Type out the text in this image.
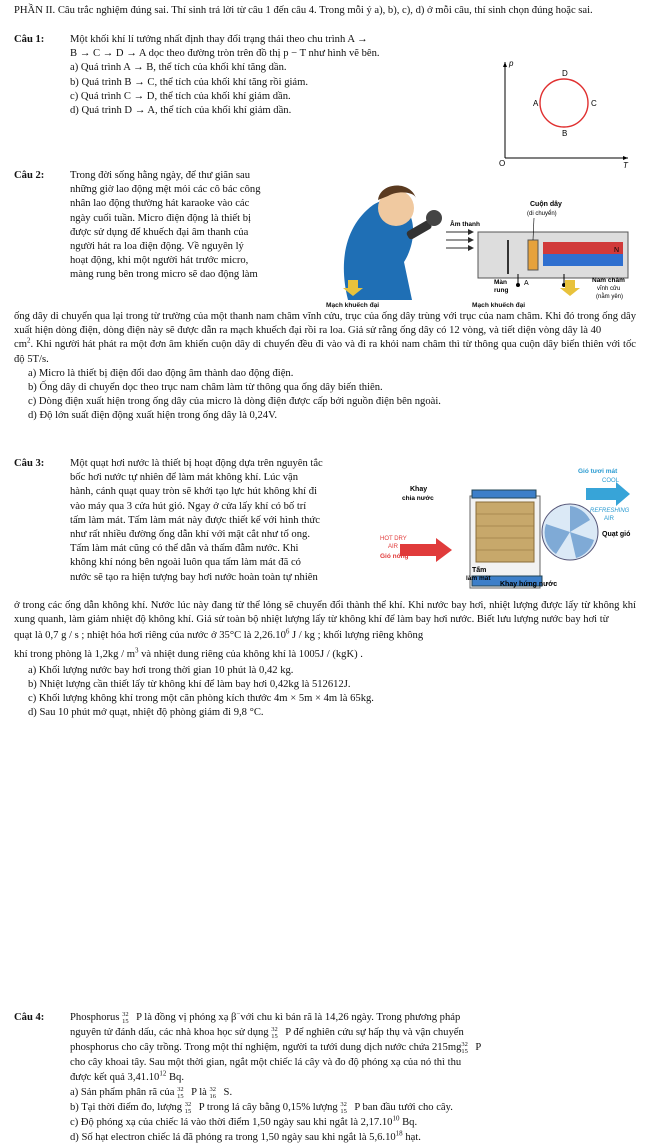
PHẦN II. Câu trắc nghiệm đúng sai. Thí sinh trả lời từ câu 1 đến câu 4. Trong mỗi ý a), b), c), d) ở mỗi câu, thí sinh chọn đúng hoặc sai.

Câu 1:	Một khối khí lí tưởng nhất định thay đổi trạng thái theo chu trình A →

B → C → D → A dọc theo đường tròn trên đồ thị p − T như hình vẽ bên.

a) Quá trình A → B, thể tích của khối khí tăng dần.

b) Quá trình B → C, thể tích của khối khí tăng rồi giảm.

c) Quá trình C → D, thể tích của khối khí giảm dần.

d) Quá trình D → A, thể tích của khối khí giảm dần.

O
p
T
A	C
D
B
Câu 2:	Trong đời sống hằng ngày, để thư giãn sau

những giờ lao động mệt mỏi các cô bác công

nhân lao động thường hát karaoke vào các

ngày cuối tuần. Micro điện động là thiết bị

được sử dụng để khuếch đại âm thanh của

người hát ra loa điện động. Về nguyên lý

hoạt động, khi một người hát trước micro,

màng rung bên trong micro sẽ dao động làm

N
A
Cuộn dây
(di chuyển)
Âm thanh
Nam châm
vĩnh cửu
(nằm yên)
Màn
rung
Mạch khuếch đại	Mạch khuếch đại

ống dây di chuyển qua lại trong từ trường của một thanh nam châm vĩnh cửu, trục của ống dây trùng với trục của nam châm. Khi đó trong ống dây xuất hiện dòng điện, dòng điện này sẽ được dẫn ra mạch khuếch đại rồi ra loa. Giả sử rằng ống dây có 12 vòng, và tiết diện vòng dây là 40

$cm^2$. Khi người hát phát ra một đơn âm khiến cuộn dây di chuyển đều đi vào và đi ra khỏi nam châm thì từ thông qua cuộn dây biến thiên với tốc độ 5T/s.

a) Micro là thiết bị điện đổi dao động âm thành dao động điện.

b) Ống dây di chuyển dọc theo trục nam châm làm từ thông qua ống dây biến thiên.

c) Dòng điện xuất hiện trong ống dây của micro là dòng điện được cấp bởi nguồn điện bên ngoài.

d) Độ lớn suất điện động xuất hiện trong ống dây là 0,24V.

Câu 3:	Một quạt hơi nước là thiết bị hoạt động dựa trên nguyên tắc

bốc hơi nước tự nhiên để làm mát không khí. Lúc vận

hành, cánh quạt quay tròn sẽ khởi tạo lực hút không khí đi

vào máy qua 3 cửa hút gió. Ngay ở cửa lấy khí có bố trí

tấm làm mát. Tấm làm mát này được thiết kế với hình thức

như rất nhiều đường ống dẫn khí với mật cắt như tổ ong.

Tấm làm mát cũng có thể dẫn và thấm đẫm nước. Khi

không khí nóng bên ngoài luôn qua tấm làm mát đã có

nước sẽ tạo ra hiện tượng bay hơi nước hoàn toàn tự nhiên

Khay
chia nước
Gió tươi mát
COOL
REFRESHING
AIR
Quạt gió
HOT DRY
AIR
Gió nóng
Tấm
làm mát
Khay hứng nước

ở trong các ống dẫn không khí. Nước lúc này đang từ thể lỏng sẽ chuyển đổi thành thể khí. Khi nước bay hơi, nhiệt lượng được lấy từ không khí xung quanh, làm giảm nhiệt độ không khí. Giả sử toàn bộ nhiệt lượng lấy từ không khí để làm bay hơi nước. Biết lưu lượng nước bay hơi từ

quạt là 0,7 g / s ; nhiệt hóa hơi riêng của nước ở 35°C là 2,26.10$^6$ J / kg ; khối lượng riêng không

khí trong phòng là $1,2kg / m^3$ và nhiệt dung riêng của không khí là 1005J / (kgK) .

a) Khối lượng nước bay hơi trong thời gian 10 phút là 0,42 kg.

b) Nhiệt lượng cần thiết lấy từ không khí để làm bay hơi 0,42kg là 512612J.

c) Khối lượng không khí trong một căn phòng kích thước 4m × 5m × 4m là 65kg.

d) Sau 10 phút mở quạt, nhiệt độ phòng giảm đi 9,8 °C.

Câu 4:	Phosphorus 32
15 P là đồng vị phóng xạ β−với chu kì bán rã là 14,26 ngày. Trong phương pháp

nguyên tử đánh dấu, các nhà khoa học sử dụng 32
15 P để nghiên cứu sự hấp thụ và vận chuyển

phosphorus cho cây trồng. Trong một thí nghiệm, người ta tưới dung dịch nước chứa 215mg 32
15 P

cho cây khoai tây. Sau một thời gian, ngắt một chiếc lá cây và đo độ phóng xạ của nó thì thu

được kết quả 3,41.10$^{12}$ Bq.

a) Sản phẩm phân rã của 32
15 P là 32
16 S.

b) Tại thời điểm đo, lượng 32
15 P trong lá cây bằng 0,15% lượng 32
15 P ban đầu tưới cho cây.

c) Độ phóng xạ của chiếc lá vào thời điểm 1,50 ngày sau khi ngắt là 2,17.10$^{10}$ Bq.

d) Số hạt electron chiếc lá đã phóng ra trong 1,50 ngày sau khi ngắt là 5,6.10$^{18}$ hạt.
